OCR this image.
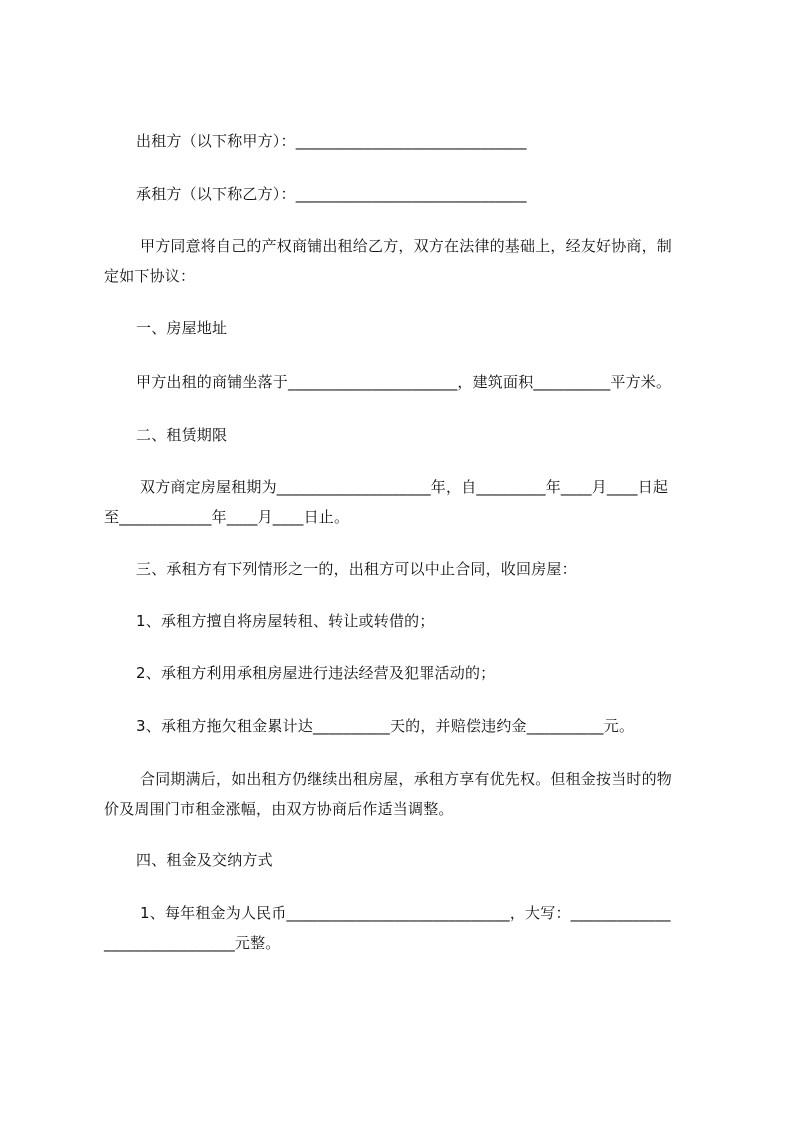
出租方（以下称甲方）：______________________________
承租方（以下称乙方）：______________________________
甲方同意将自己的产权商铺出租给乙方，双方在法律的基础上，经友好协商，制
定如下协议：
一、房屋地址
甲方出租的商铺坐落于______________________，建筑面积__________平方米。
二、租赁期限
双方商定房屋租期为____________________年，自_________年____月____日起
至____________年____月____日止。
三、承租方有下列情形之一的，出租方可以中止合同，收回房屋：
1、承租方擅自将房屋转租、转让或转借的；
2、承租方利用承租房屋进行违法经营及犯罪活动的；
3、承租方拖欠租金累计达__________天的，并赔偿违约金__________元。
合同期满后，如出租方仍继续出租房屋，承租方享有优先权。但租金按当时的物
价及周围门市租金涨幅，由双方协商后作适当调整。
四、租金及交纳方式
1、每年租金为人民币_____________________________，大写：_____________
_________________元整。
